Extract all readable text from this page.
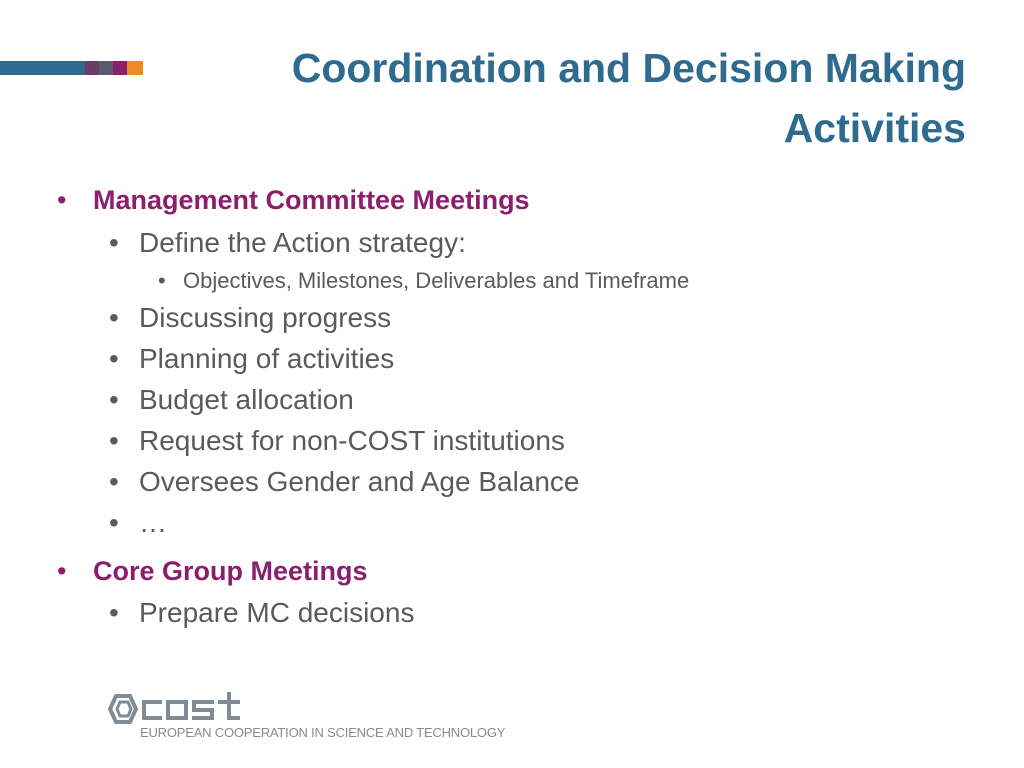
Coordination and Decision Making
Activities
• Management Committee Meetings
• Define the Action strategy:
• Objectives, Milestones, Deliverables and Timeframe
• Discussing progress
• Planning of activities
• Budget allocation
• Request for non-COST institutions
• Oversees Gender and Age Balance
• …
• Core Group Meetings
• Prepare MC decisions
EUROPEAN COOPERATION IN SCIENCE AND TECHNOLOGY
